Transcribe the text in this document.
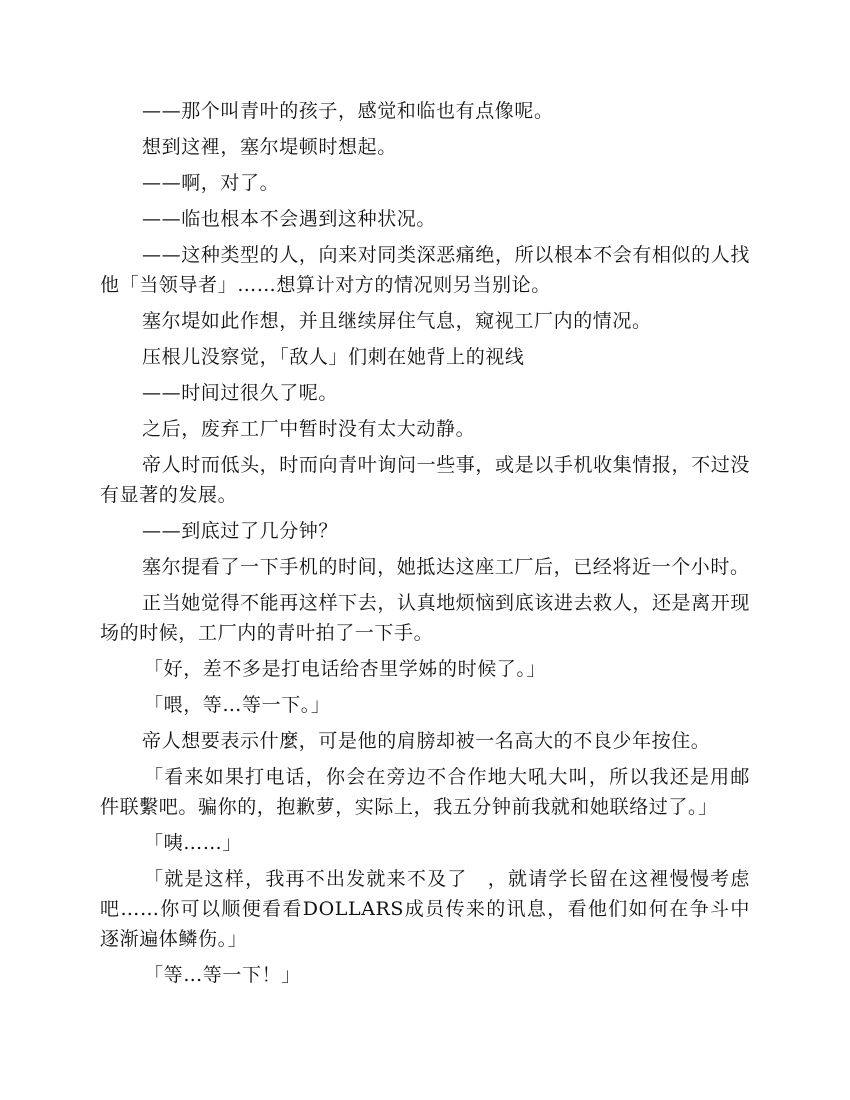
——那个叫青叶的孩子，感觉和临也有点像呢。

想到这裡，塞尔堤顿时想起。

——啊，对了。

——临也根本不会遇到这种状况。

——这种类型的人，向来对同类深恶痛绝，所以根本不会有相似的人找他「当领导者」……想算计对方的情况则另当别论。

塞尔堤如此作想，并且继续屏住气息，窥视工厂内的情况。

压根儿没察觉，「敌人」们刺在她背上的视线

——时间过很久了呢。

之后，废弃工厂中暂时没有太大动静。

帝人时而低头，时而向青叶询问一些事，或是以手机收集情报，不过没有显著的发展。

——到底过了几分钟？

塞尔提看了一下手机的时间，她抵达这座工厂后，已经将近一个小时。

正当她觉得不能再这样下去，认真地烦恼到底该进去救人，还是离开现场的时候，工厂内的青叶拍了一下手。

「好，差不多是打电话给杏里学姊的时候了。」

「喂，等…等一下。」

帝人想要表示什麼，可是他的肩膀却被一名高大的不良少年按住。

「看来如果打电话，你会在旁边不合作地大吼大叫，所以我还是用邮件联繫吧。骗你的，抱歉萝，实际上，我五分钟前我就和她联络过了。」

「咦……」

「就是这样，我再不出发就来不及了　，就请学长留在这裡慢慢考虑吧……你可以顺便看看DOLLARS成员传来的讯息，看他们如何在争斗中逐渐遍体鳞伤。」

「等…等一下！」
